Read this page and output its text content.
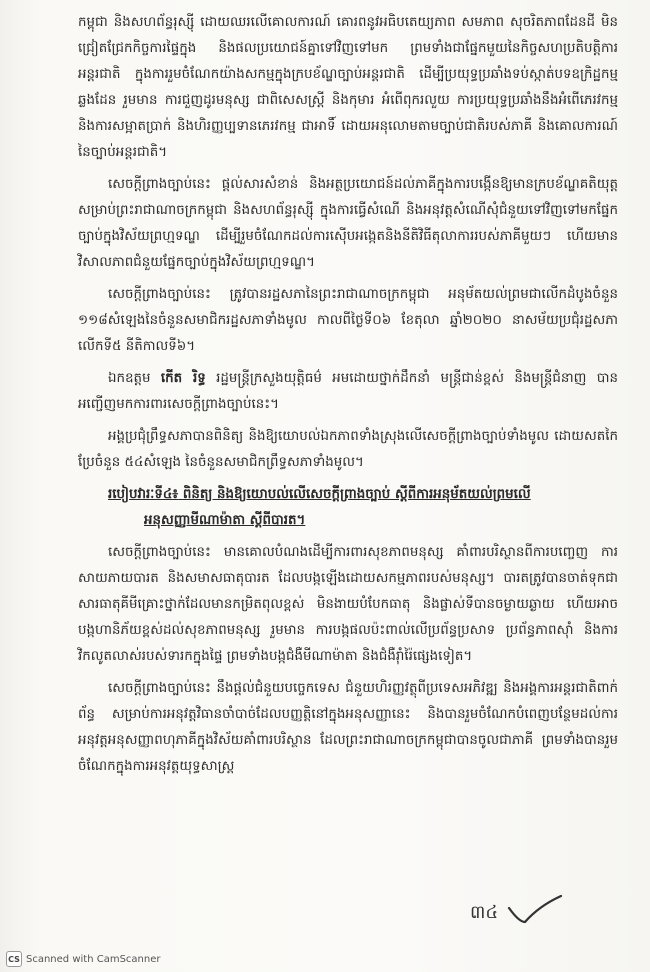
កម្ពុជា និងសហព័ន្ធរុស្ស៊ី ដោយឈរលើគោលការណ៍ គោរពនូវអធិបតេយ្យភាព សមភាព សុចរិតភាពដែនដី មិនជ្រៀតជ្រែកកិច្ចការផ្ទៃក្នុង និងផលប្រយោជន៍គ្នាទៅវិញទៅមក ព្រមទាំងជាផ្នែកមួយនៃកិច្ចសហប្រតិបត្តិការអន្តរជាតិ ក្នុងការរួមចំណែកយ៉ាងសកម្មក្នុងក្របខ័ណ្ឌច្បាប់អន្តរជាតិ ដើម្បីប្រយុទ្ធប្រឆាំងទប់ស្កាត់បទឧក្រិដ្ឋកម្មឆ្លងដែន រួមមាន ការជួញដូរមនុស្ស ជាពិសេសស្ត្រី និងកុមារ អំពើពុករលួយ ការប្រយុទ្ធប្រឆាំងនឹងអំពើភេរវកម្ម និងការសម្អាតប្រាក់ និងហិរញ្ញប្បទានភេរវកម្ម ជាអាទិ៍ ដោយអនុលោមតាមច្បាប់ជាតិរបស់ភាគី និងគោលការណ៍នៃច្បាប់អន្តរជាតិ។

សេចក្តីព្រាងច្បាប់នេះ ផ្តល់សារសំខាន់ និងអត្ថប្រយោជន៍ដល់ភាគីក្នុងការបង្កើនឱ្យមានក្របខ័ណ្ឌគតិយុត្តសម្រាប់ព្រះរាជាណាចក្រកម្ពុជា និងសហព័ន្ធរុស្ស៊ី ក្នុងការធ្វើសំណើ និងអនុវត្តសំណើសុំជំនួយទៅវិញទៅមកផ្នែកច្បាប់ក្នុងវិស័យព្រហ្មទណ្ឌ ដើម្បីរួមចំណែកដល់ការស៊ើបអង្កេតនិងនីតិវិធីតុលាការរបស់ភាគីមួយៗ ហើយមានវិសាលភាពជំនួយផ្នែកច្បាប់ក្នុងវិស័យព្រហ្មទណ្ឌ។

សេចក្តីព្រាងច្បាប់នេះ ត្រូវបានរដ្ឋសភានៃព្រះរាជាណាចក្រកម្ពុជា អនុម័តយល់ព្រមជាលើកដំបូងចំនួន ១១៨សំឡេងនៃចំនួនសមាជិករដ្ឋសភាទាំងមូល កាលពីថ្ងៃទី០៦ ខែតុលា ឆ្នាំ២០២០ នាសម័យប្រជុំរដ្ឋសភាលើកទី៥ នីតិកាលទី៦។

ឯកឧត្តម កើត រិទ្ធ រដ្ឋមន្ត្រីក្រសួងយុត្តិធម៌ អមដោយថ្នាក់ដឹកនាំ មន្ត្រីជាន់ខ្ពស់ និងមន្ត្រីជំនាញ បានអញ្ជើញមកការពារសេចក្តីព្រាងច្បាប់នេះ។

អង្គប្រជុំព្រឹទ្ធសភាបានពិនិត្យ និងឱ្យយោបល់ឯកភាពទាំងស្រុងលើសេចក្តីព្រាងច្បាប់ទាំងមូល ដោយសតកៃប្រែចំនួន ៥៤សំឡេង នៃចំនួនសមាជិកព្រឹទ្ធសភាទាំងមូល។

របៀបវារៈទី៤៖ ពិនិត្យ និងឱ្យយោបល់លើសេចក្តីព្រាងច្បាប់ ស្តីពីការអនុម័តយល់ព្រមលើ
អនុសញ្ញាមីណាម៉ាតា ស្តីពីបារត។

សេចក្តីព្រាងច្បាប់នេះ មានគោលបំណងដើម្បីការពារសុខភាពមនុស្ស គាំពារបរិស្ថានពីការបញ្ចេញ ការសាយភាយបារត និងសមាសធាតុបារត ដែលបង្កឡើងដោយសកម្មភាពរបស់មនុស្ស។ បារតត្រូវបានចាត់ទុកជាសារធាតុគីមីគ្រោះថ្នាក់ដែលមានកម្រិតពុលខ្ពស់ មិនងាយបំបែកធាតុ និងផ្លាស់ទីបានចម្ងាយឆ្ងាយ ហើយអាចបង្កហានិភ័យខ្ពស់ដល់សុខភាពមនុស្ស រួមមាន ការបង្កផលប៉ះពាល់លើប្រព័ន្ធប្រសាទ ប្រព័ន្ធភាពស៊ាំ និងការវិកលូតលាស់របស់ទារកក្នុងផ្ទៃ ព្រមទាំងបង្កជំងឺមីណាម៉ាតា និងជំងឺរ៉ាំរ៉ៃផ្សេងទៀត។

សេចក្តីព្រាងច្បាប់នេះ នឹងផ្តល់ជំនួយបច្ចេកទេស ជំនួយហិរញ្ញវត្ថុពីប្រទេសអភិវឌ្ឍ និងអង្គការអន្តរជាតិពាក់ព័ន្ធ សម្រាប់ការអនុវត្តវិធានចាំបាច់ដែលបញ្ញត្តិនៅក្នុងអនុសញ្ញានេះ និងបានរួមចំណែកបំពេញបន្ថែមដល់ការអនុវត្តអនុសញ្ញាពហុភាគីក្នុងវិស័យគាំពារបរិស្ថាន ដែលព្រះរាជាណាចក្រកម្ពុជាបានចូលជាភាគី ព្រមទាំងបានរួមចំណែកក្នុងការអនុវត្តយុទ្ធសាស្ត្រ

៣៤
CS Scanned with CamScanner
